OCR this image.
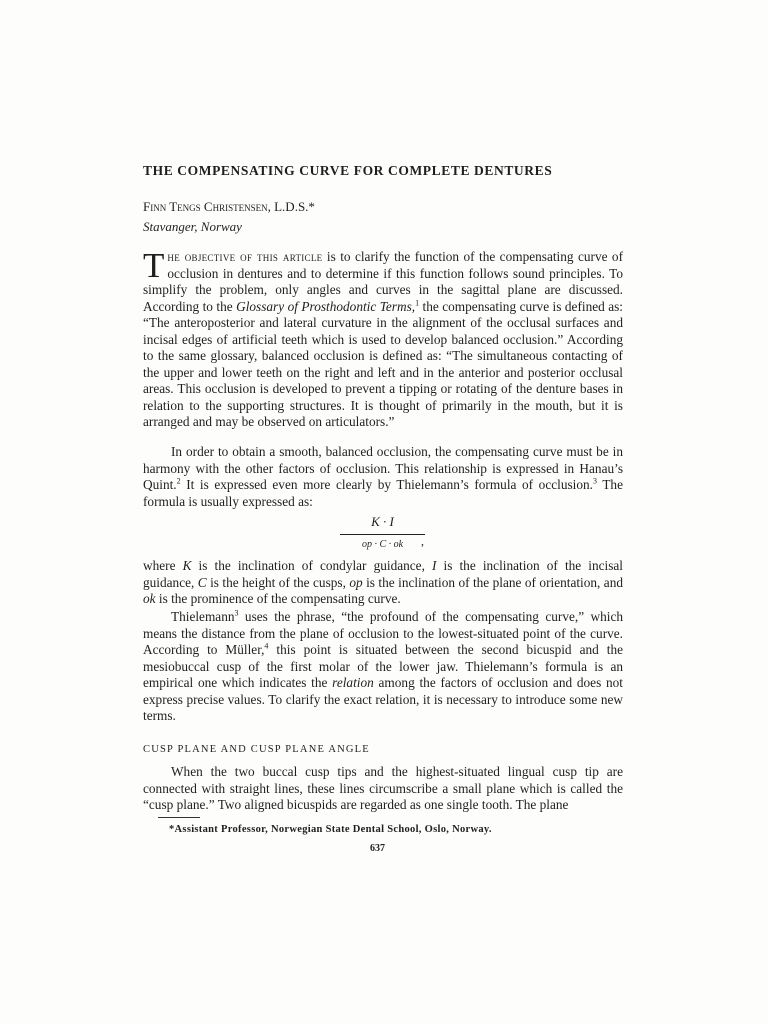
THE COMPENSATING CURVE FOR COMPLETE DENTURES
Finn Tengs Christensen, L.D.S.*
Stavanger, Norway
The objective of this article is to clarify the function of the compensating curve of occlusion in dentures and to determine if this function follows sound principles. To simplify the problem, only angles and curves in the sagittal plane are discussed. According to the Glossary of Prosthodontic Terms,$^1$ the compensating curve is defined as: “The anteroposterior and lateral curvature in the alignment of the occlusal surfaces and incisal edges of artificial teeth which is used to develop balanced occlusion.” According to the same glossary, balanced occlusion is defined as: “The simultaneous contacting of the upper and lower teeth on the right and left and in the anterior and posterior occlusal areas. This occlusion is developed to prevent a tipping or rotating of the denture bases in relation to the supporting structures. It is thought of primarily in the mouth, but it is arranged and may be observed on articulators.”

In order to obtain a smooth, balanced occlusion, the compensating curve must be in harmony with the other factors of occlusion. This relationship is expressed in Hanau’s Quint.$^2$ It is expressed even more clearly by Thielemann’s formula of occlusion.$^3$ The formula is usually expressed as:

K · I
op · C · ok	,
where K is the inclination of condylar guidance, I is the inclination of the incisal guidance, C is the height of the cusps, op is the inclination of the plane of orientation, and ok is the prominence of the compensating curve.

Thielemann$^3$ uses the phrase, “the profound of the compensating curve,” which means the distance from the plane of occlusion to the lowest-situated point of the curve. According to Müller,$^4$ this point is situated between the second bicuspid and the mesiobuccal cusp of the first molar of the lower jaw. Thielemann’s formula is an empirical one which indicates the relation among the factors of occlusion and does not express precise values. To clarify the exact relation, it is necessary to introduce some new terms.

CUSP PLANE AND CUSP PLANE ANGLE

When the two buccal cusp tips and the highest-situated lingual cusp tip are connected with straight lines, these lines circumscribe a small plane which is called the “cusp plane.” Two aligned bicuspids are regarded as one single tooth. The plane

*Assistant Professor, Norwegian State Dental School, Oslo, Norway.
637
